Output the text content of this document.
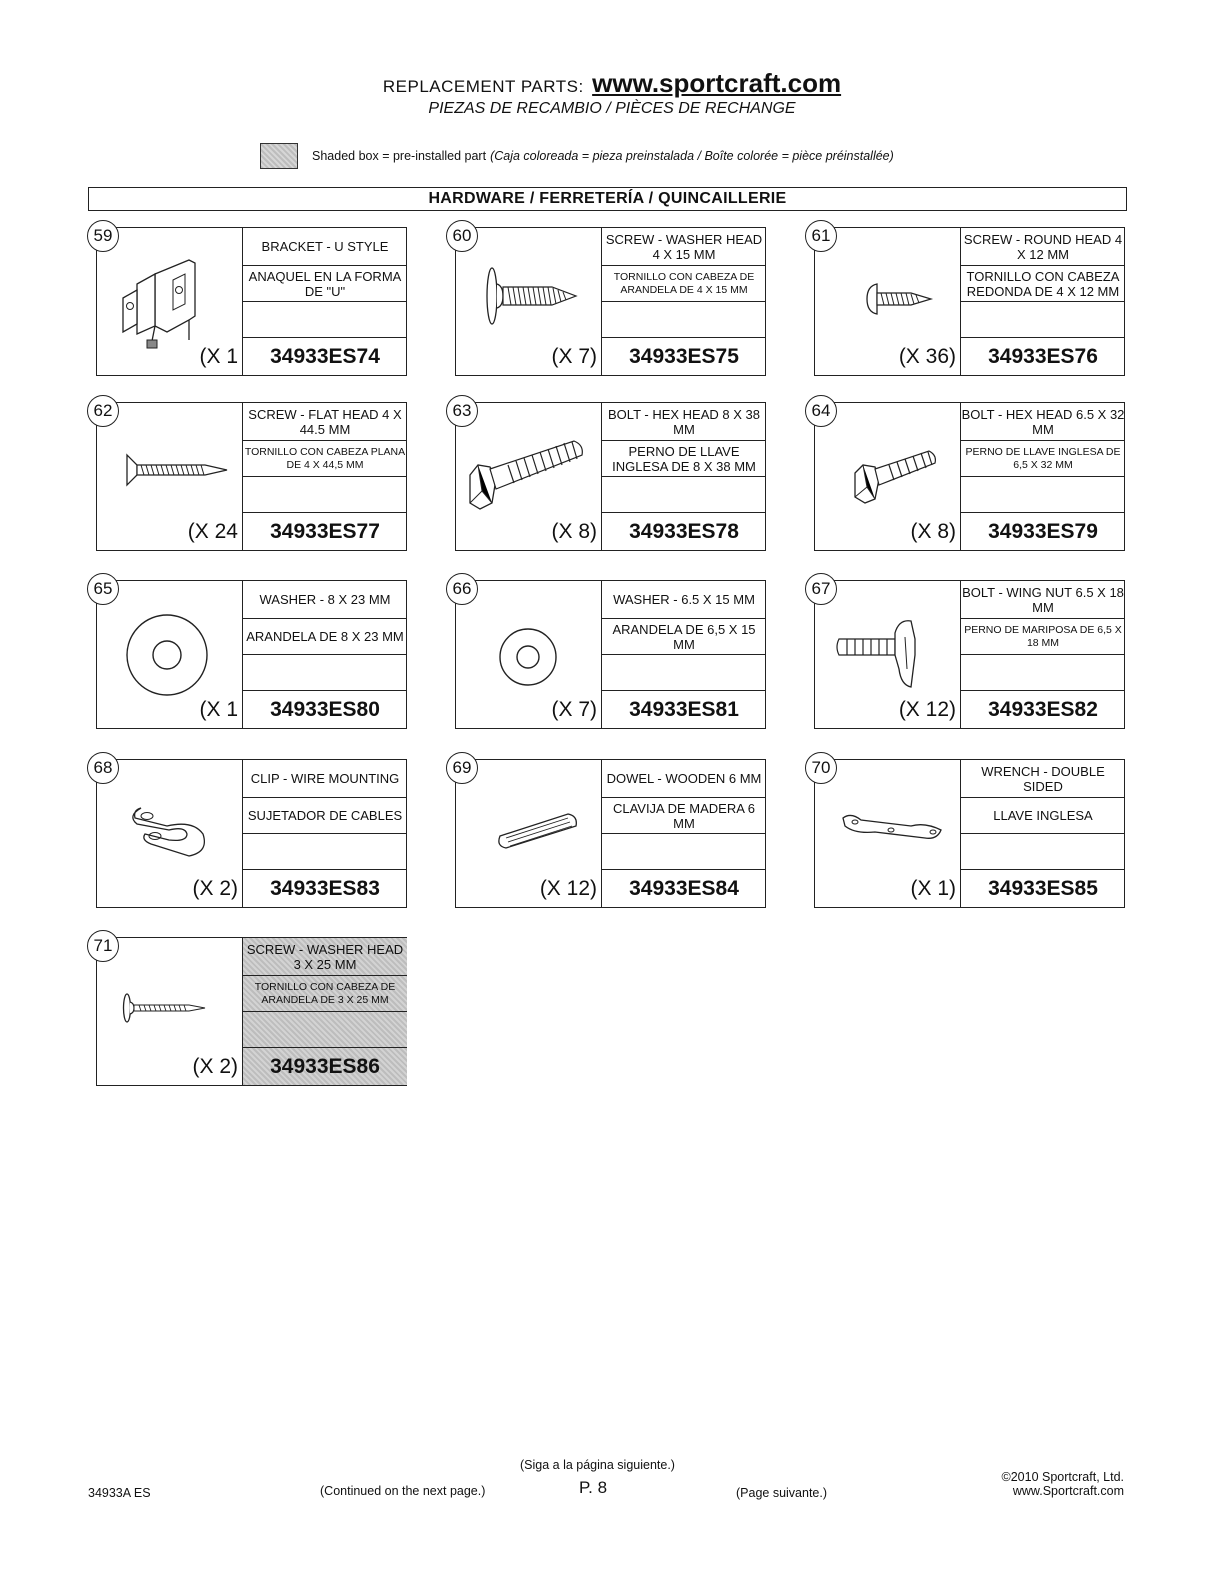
REPLACEMENT PARTS: www.sportcraft.com
PIEZAS DE RECAMBIO / PIÈCES DE RECHANGE
Shaded box = pre-installed part (Caja coloreada = pieza preinstalada / Boîte colorée = pièce préinstallée)
HARDWARE / FERRETERÍA / QUINCAILLERIE
59
(X 1
BRACKET - U STYLE
ANAQUEL EN LA FORMA DE "U"
34933ES74
60
(X 7)
SCREW - WASHER HEAD 4 X 15 MM
TORNILLO CON CABEZA DE ARANDELA DE 4 X 15 MM
34933ES75
61
(X 36)
SCREW - ROUND HEAD 4 X 12 MM
TORNILLO CON CABEZA REDONDA DE 4 X 12 MM
34933ES76
62
(X 24
SCREW - FLAT HEAD 4 X 44.5 MM
TORNILLO CON CABEZA PLANA DE 4 X 44,5 MM
34933ES77
63
(X 8)
BOLT - HEX HEAD 8 X 38 MM
PERNO DE LLAVE INGLESA DE 8 X 38 MM
34933ES78
64
(X 8)
BOLT - HEX HEAD 6.5 X 32 MM
PERNO DE LLAVE INGLESA DE 6,5 X 32 MM
34933ES79
65
(X 1
WASHER - 8 X 23 MM
ARANDELA DE 8 X 23 MM
34933ES80
66
(X 7)
WASHER - 6.5 X 15 MM
ARANDELA DE 6,5 X 15 MM
34933ES81
67
(X 12)
BOLT - WING NUT 6.5 X 18 MM
PERNO DE MARIPOSA DE 6,5 X 18 MM
34933ES82
68
(X 2)
CLIP - WIRE MOUNTING
SUJETADOR DE CABLES
34933ES83
69
(X 12)
DOWEL - WOODEN 6 MM
CLAVIJA DE MADERA 6 MM
34933ES84
70
(X 1)
WRENCH - DOUBLE SIDED
LLAVE INGLESA
34933ES85
71
(X 2)
SCREW - WASHER HEAD 3 X 25 MM
TORNILLO CON CABEZA DE ARANDELA DE 3 X 25 MM
34933ES86
34933A ES	(Continued on the next page.)
(Siga a la página siguiente.)
P. 8	(Page suivante.)
©2010 Sportcraft, Ltd.
www.Sportcraft.com
